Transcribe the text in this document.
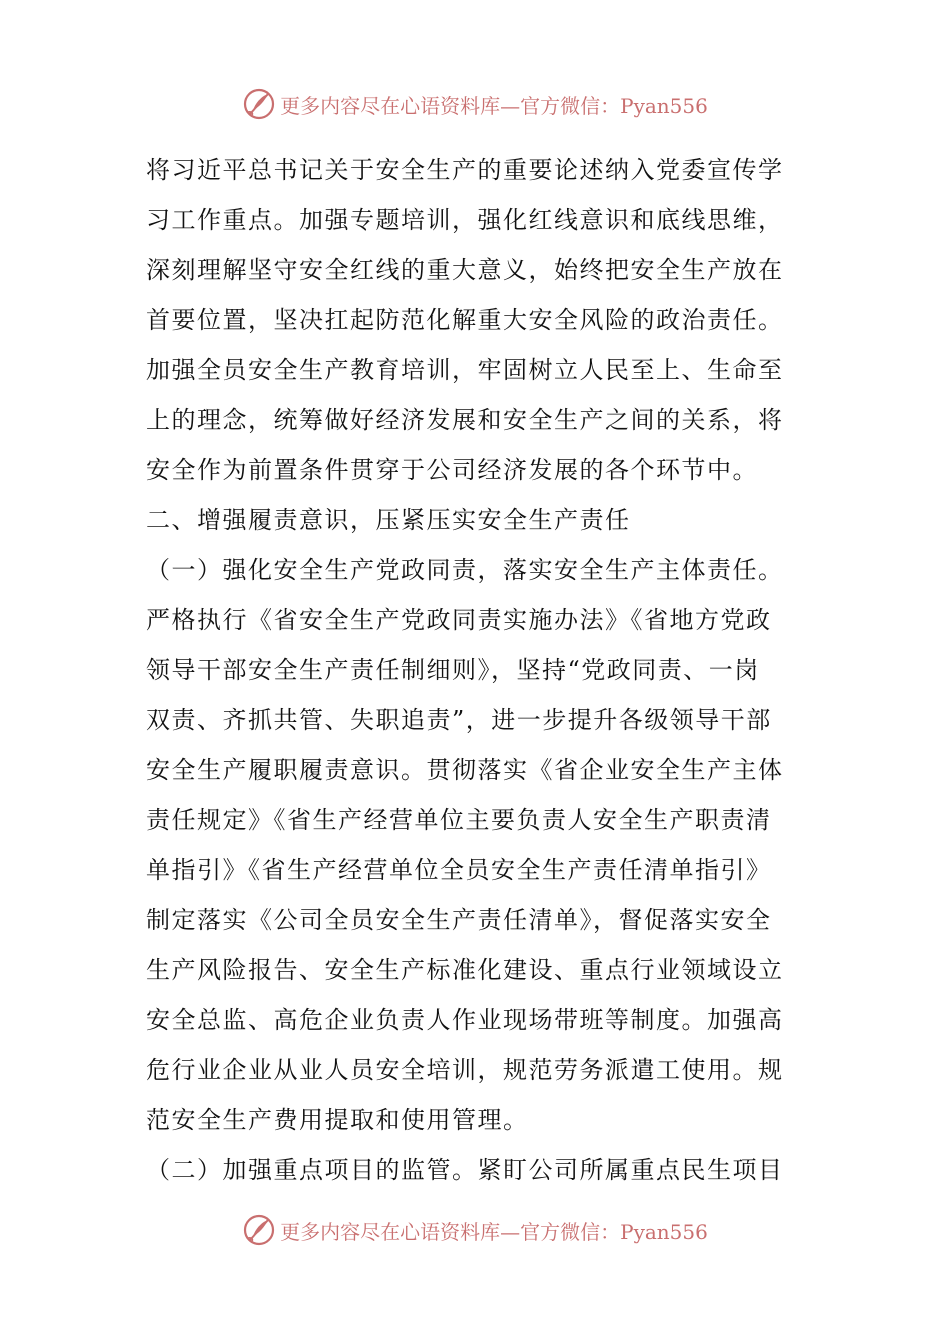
更多内容尽在心语资料库—官方微信：Pyan556
将习近平总书记关于安全生产的重要论述纳入党委宣传学
习工作重点。加强专题培训，强化红线意识和底线思维，
深刻理解坚守安全红线的重大意义，始终把安全生产放在
首要位置，坚决扛起防范化解重大安全风险的政治责任。
加强全员安全生产教育培训，牢固树立人民至上、生命至
上的理念，统筹做好经济发展和安全生产之间的关系，将
安全作为前置条件贯穿于公司经济发展的各个环节中。
二、增强履责意识，压紧压实安全生产责任
（一）强化安全生产党政同责，落实安全生产主体责任。
严格执行《省安全生产党政同责实施办法》《省地方党政
领导干部安全生产责任制细则》，坚持“党政同责、一岗
双责、齐抓共管、失职追责”，进一步提升各级领导干部
安全生产履职履责意识。贯彻落实《省企业安全生产主体
责任规定》《省生产经营单位主要负责人安全生产职责清
单指引》《省生产经营单位全员安全生产责任清单指引》
制定落实《公司全员安全生产责任清单》，督促落实安全
生产风险报告、安全生产标准化建设、重点行业领域设立
安全总监、高危企业负责人作业现场带班等制度。加强高
危行业企业从业人员安全培训，规范劳务派遣工使用。规
范安全生产费用提取和使用管理。
（二）加强重点项目的监管。紧盯公司所属重点民生项目
更多内容尽在心语资料库—官方微信：Pyan556
